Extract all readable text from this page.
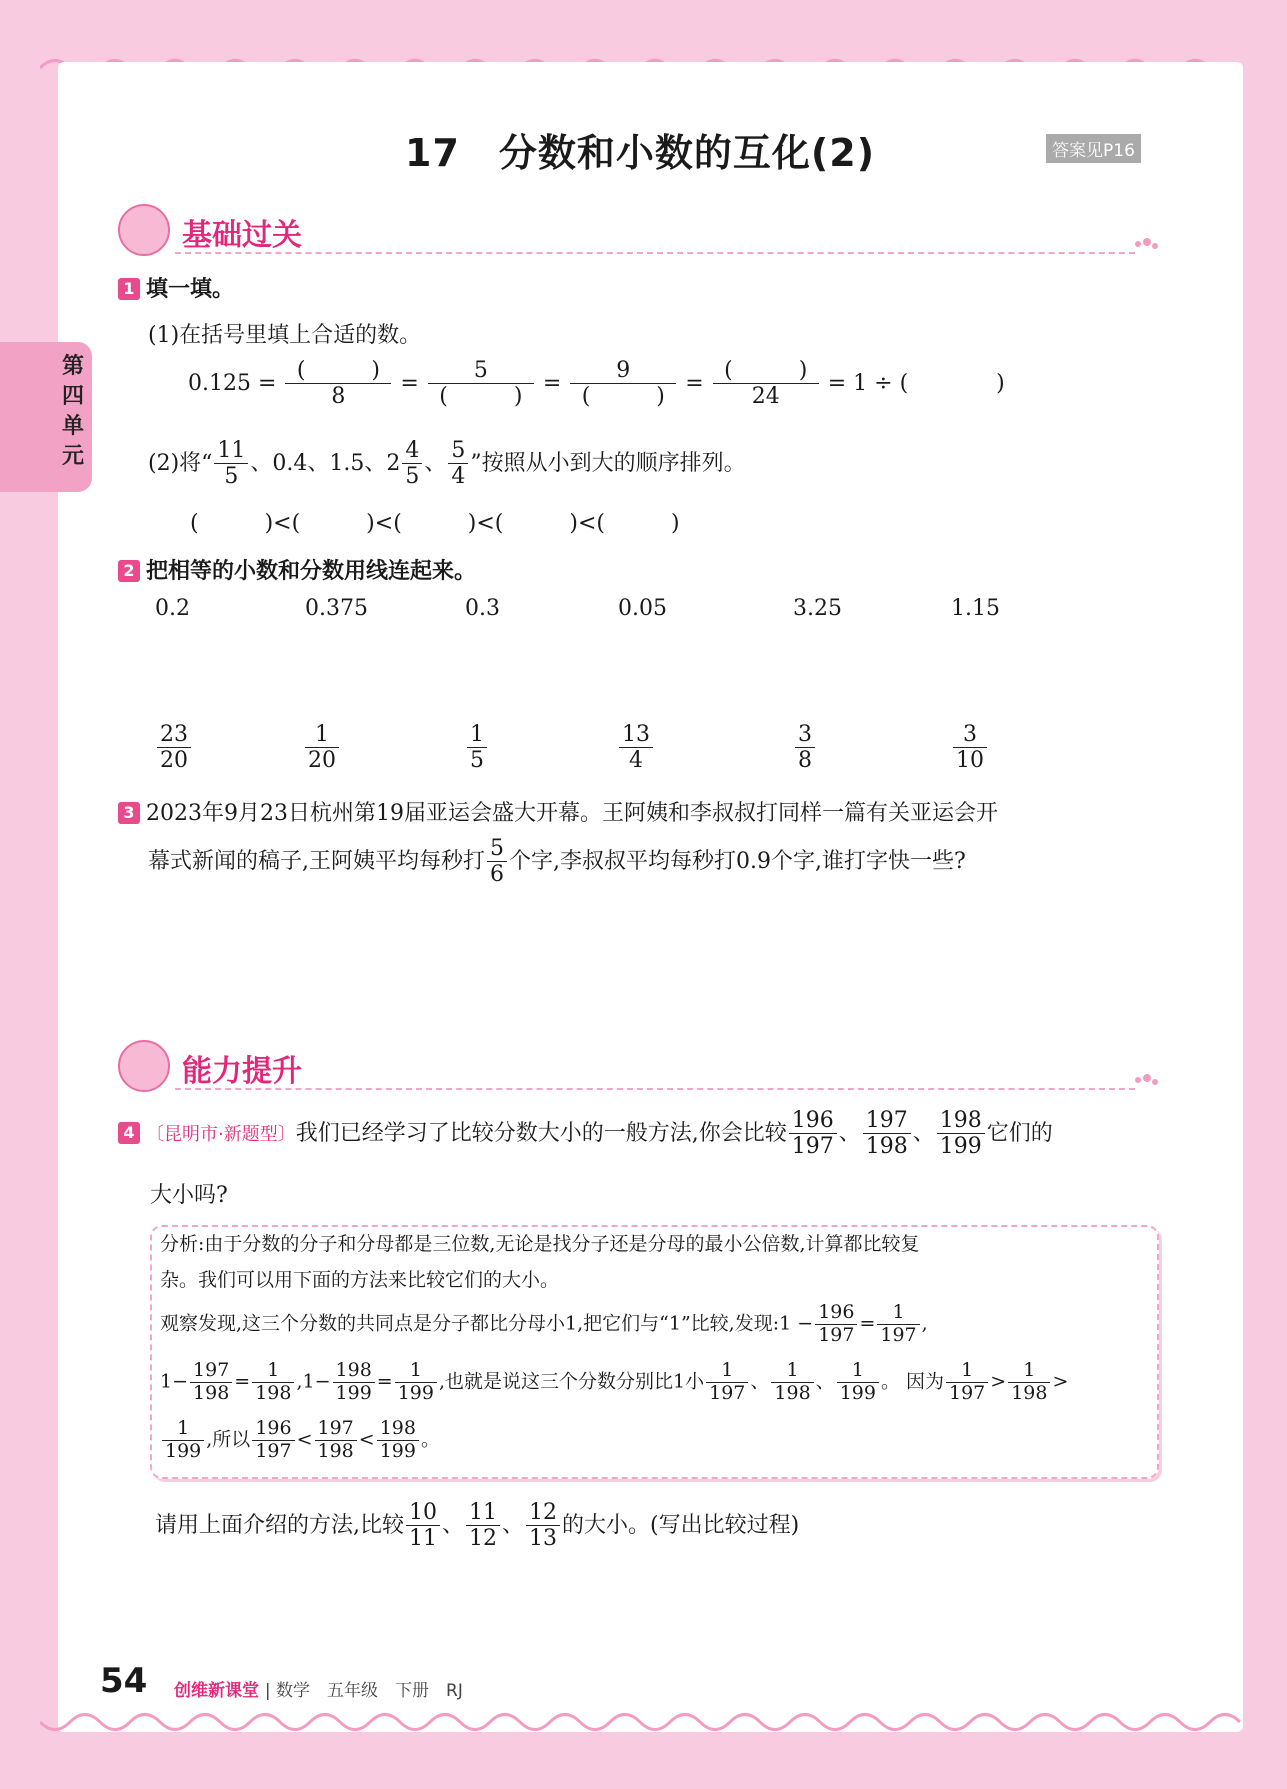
17　分数和小数的互化(2)	答案见P16
第四单元
基础过关
1 填一填。
(1)在括号里填上合适的数。
$0.125 = \frac{( )}{8} = \frac{5}{( )} = \frac{9}{( )} = \frac{( )}{24} = 1$ ÷ (　　　　)
(2)将“ $\frac{11}{5}$ 、0.4、1.5、$2 \frac{4}{5}$ 、 $\frac{5}{4}$ ”按照从小到大的顺序排列。
(　　　)<(　　　)<(　　　)<(　　　)<(　　　)
2 把相等的小数和分数用线连起来。
0.2	0.375	0.3	0.05	3.25	1.15
$\frac{23}{20}$	$\frac{1}{20}$	$\frac{1}{5}$	$\frac{13}{4}$	$\frac{3}{8}$	$\frac{3}{10}$
3 2023年9月23日杭州第19届亚运会盛大开幕。王阿姨和李叔叔打同样一篇有关亚运会开
幕式新闻的稿子,王阿姨平均每秒打 $\frac{5}{6}$ 个字,李叔叔平均每秒打0.9个字,谁打字快一些?
能力提升
4 〔昆明市·新题型〕我们已经学习了比较分数大小的一般方法,你会比较 $\frac{196}{197}$ 、 $\frac{197}{198}$ 、 $\frac{198}{199}$ 它们的
大小吗?
分析:由于分数的分子和分母都是三位数,无论是找分子还是分母的最小公倍数,计算都比较复
杂。我们可以用下面的方法来比较它们的大小。
观察发现,这三个分数的共同点是分子都比分母小1,把它们与“1”比较,发现:1 − $\frac{196}{197} = \frac{1}{197}$ ,
$1- \frac{197}{198} = \frac{1}{198} ,1- \frac{198}{199} = \frac{1}{199}$ ,也就是说这三个分数分别比1小 $\frac{1}{197}$ 、 $\frac{1}{198}$ 、 $\frac{1}{199}$ 。 因为 $\frac{1}{197} > \frac{1}{198}$ >
$\frac{1}{199}$ ,所以 $\frac{196}{197} < \frac{197}{198} < \frac{198}{199}$ 。
请用上面介绍的方法,比较 $\frac{10}{11}$ 、 $\frac{11}{12}$ 、 $\frac{12}{13}$ 的大小。(写出比较过程)
54 创维新课堂 | 数学　五年级　下册　RJ
